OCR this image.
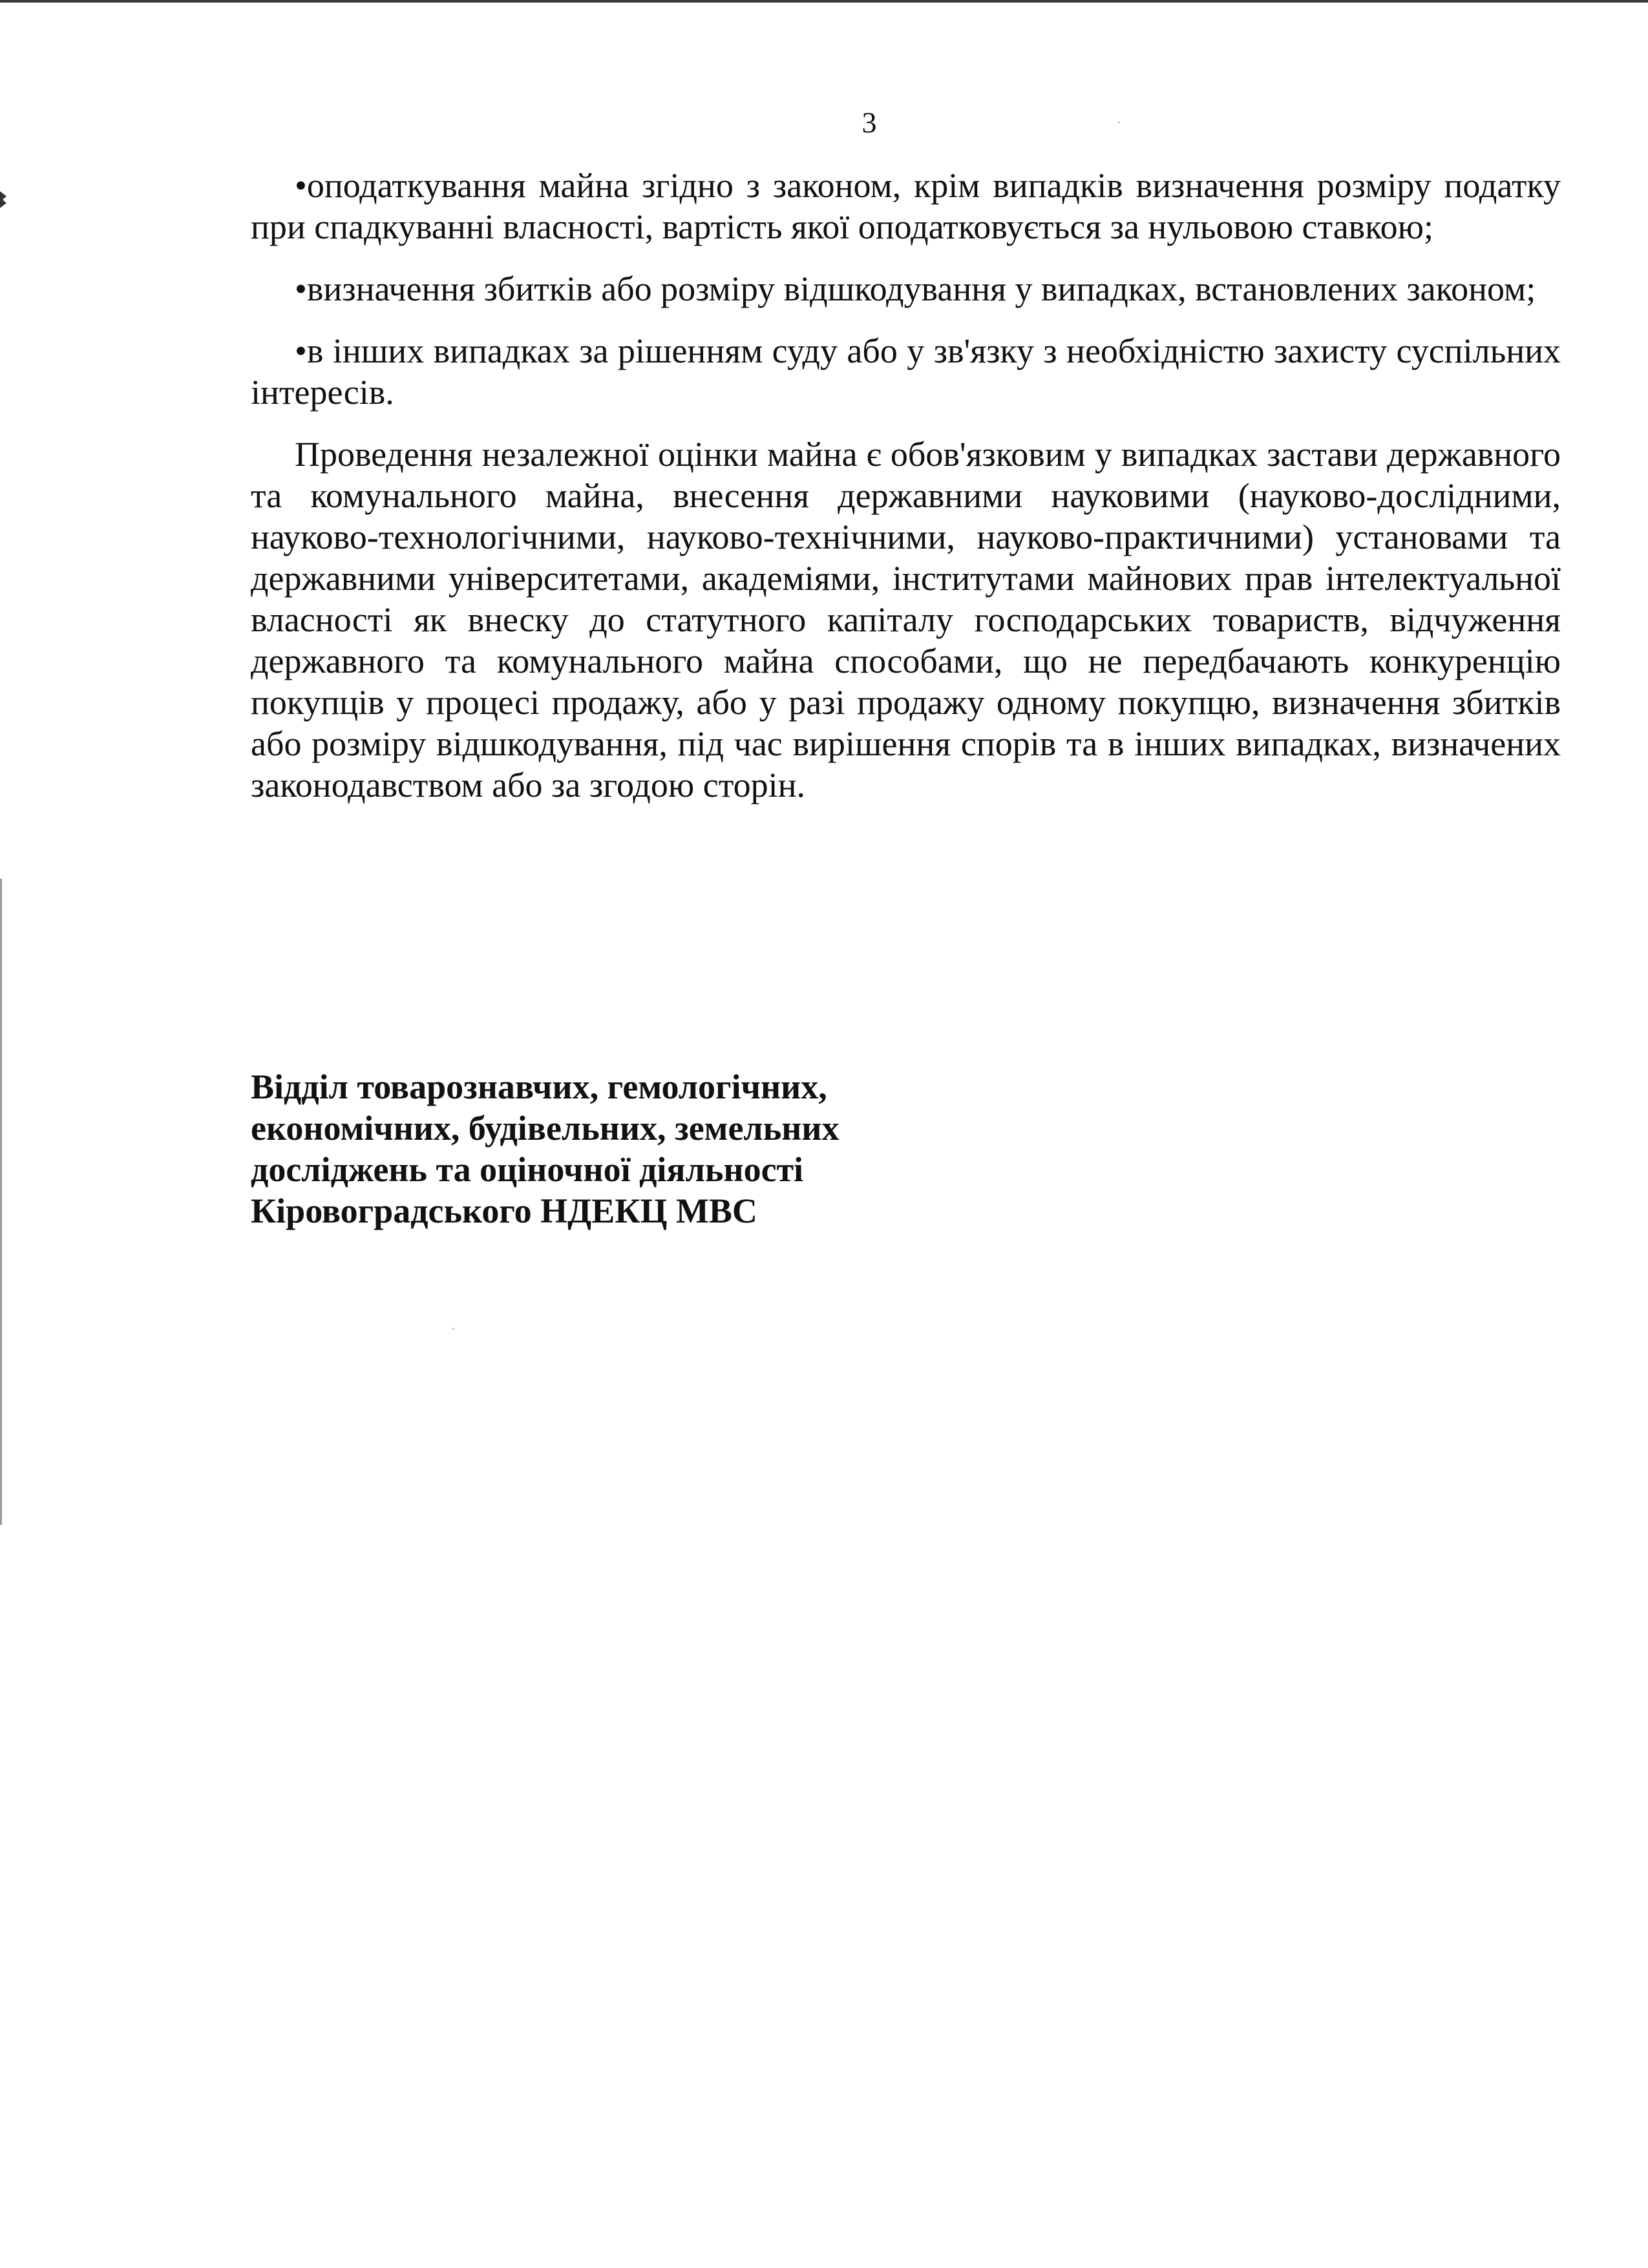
3

•оподаткування майна згідно з законом, крім випадків визначення розміру податку при спадкуванні власності, вартість якої оподатковується за нульовою ставкою;

•визначення збитків або розміру відшкодування у випадках, встановлених законом;

•в інших випадках за рішенням суду або у зв'язку з необхідністю захисту суспільних інтересів.

Проведення незалежної оцінки майна є обов'язковим у випадках застави державного та комунального майна, внесення державними науковими (науково-дослідними, науково-технологічними, науково-технічними, науково-практичними) установами та державними університетами, академіями, інститутами майнових прав інтелектуальної власності як внеску до статутного капіталу господарських товариств, відчуження державного та комунального майна способами, що не передбачають конкуренцію покупців у процесі продажу, або у разі продажу одному покупцю, визначення збитків або розміру відшкодування, під час вирішення спорів та в інших випадках, визначених законодавством або за згодою сторін.

Відділ товарознавчих, гемологічних,
економічних, будівельних, земельних
досліджень та оціночної діяльності
Кіровоградського НДЕКЦ МВС
